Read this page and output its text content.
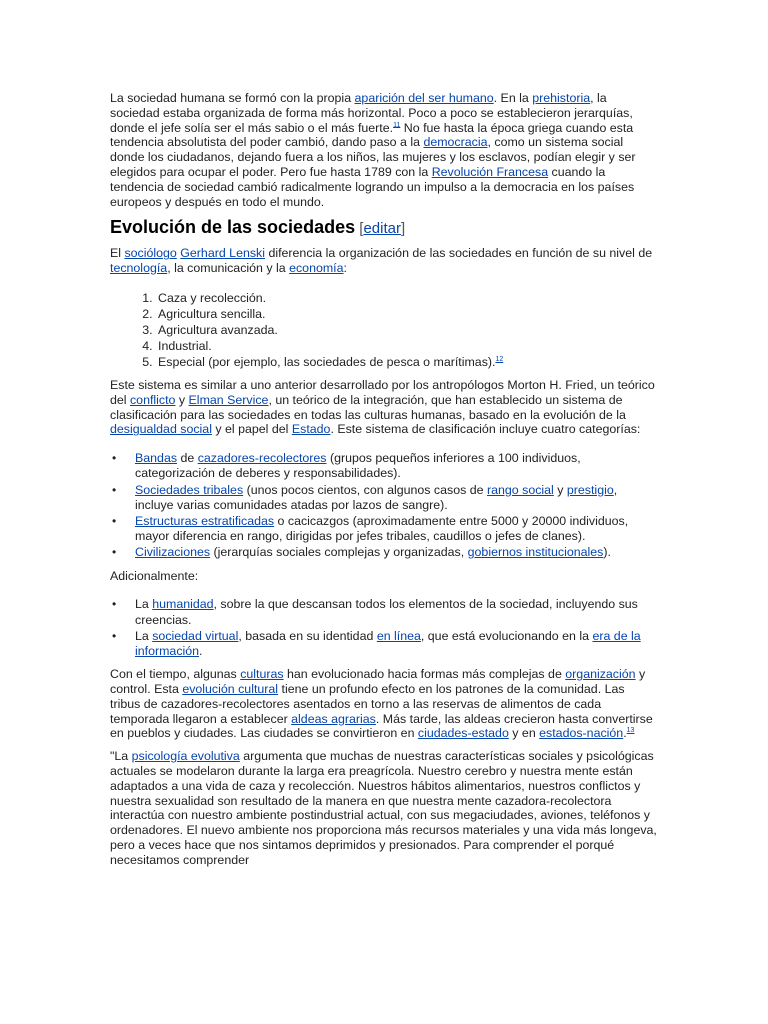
La sociedad humana se formó con la propia aparición del ser humano. En la prehistoria, la sociedad estaba organizada de forma más horizontal. Poco a poco se establecieron jerarquías, donde el jefe solía ser el más sabio o el más fuerte.$^{11}$ No fue hasta la época griega cuando esta tendencia absolutista del poder cambió, dando paso a la democracia, como un sistema social donde los ciudadanos, dejando fuera a los niños, las mujeres y los esclavos, podían elegir y ser elegidos para ocupar el poder. Pero fue hasta 1789 con la Revolución Francesa cuando la tendencia de sociedad cambió radicalmente logrando un impulso a la democracia en los países europeos y después en todo el mundo.

Evolución de las sociedades [editar]

El sociólogo Gerhard Lenski diferencia la organización de las sociedades en función de su nivel de tecnología, la comunicación y la economía:

1. Caza y recolección.
2. Agricultura sencilla.
3. Agricultura avanzada.
4. Industrial.
5. Especial (por ejemplo, las sociedades de pesca o marítimas).$^{12}$

Este sistema es similar a uno anterior desarrollado por los antropólogos Morton H. Fried, un teórico del conflicto y Elman Service, un teórico de la integración, que han establecido un sistema de clasificación para las sociedades en todas las culturas humanas, basado en la evolución de la desigualdad social y el papel del Estado. Este sistema de clasificación incluye cuatro categorías:

• Bandas de cazadores-recolectores (grupos pequeños inferiores a 100 individuos, categorización de deberes y responsabilidades).
• Sociedades tribales (unos pocos cientos, con algunos casos de rango social y prestigio, incluye varias comunidades atadas por lazos de sangre).
• Estructuras estratificadas o cacicazgos (aproximadamente entre 5000 y 20000 individuos, mayor diferencia en rango, dirigidas por jefes tribales, caudillos o jefes de clanes).
• Civilizaciones (jerarquías sociales complejas y organizadas, gobiernos institucionales).

Adicionalmente:

• La humanidad, sobre la que descansan todos los elementos de la sociedad, incluyendo sus creencias.
• La sociedad virtual, basada en su identidad en línea, que está evolucionando en la era de la información.

Con el tiempo, algunas culturas han evolucionado hacia formas más complejas de organización y control. Esta evolución cultural tiene un profundo efecto en los patrones de la comunidad. Las tribus de cazadores-recolectores asentados en torno a las reservas de alimentos de cada temporada llegaron a establecer aldeas agrarias. Más tarde, las aldeas crecieron hasta convertirse en pueblos y ciudades. Las ciudades se convirtieron en ciudades-estado y en estados-nación.$^{13}$

"La psicología evolutiva argumenta que muchas de nuestras características sociales y psicológicas actuales se modelaron durante la larga era preagrícola. Nuestro cerebro y nuestra mente están adaptados a una vida de caza y recolección. Nuestros hábitos alimentarios, nuestros conflictos y nuestra sexualidad son resultado de la manera en que nuestra mente cazadora-recolectora interactúa con nuestro ambiente postindustrial actual, con sus megaciudades, aviones, teléfonos y ordenadores. El nuevo ambiente nos proporciona más recursos materiales y una vida más longeva, pero a veces hace que nos sintamos deprimidos y presionados. Para comprender el porqué necesitamos comprender
